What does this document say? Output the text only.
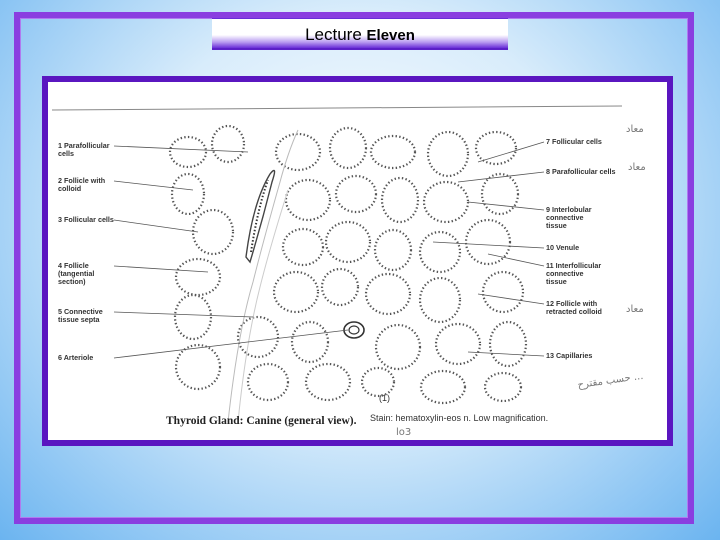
Lecture Eleven
1 Parafollicular
cells
2 Follicle with
colloid
3 Follicular cells
4 Follicle
(tangential
section)
5 Connective
tissue septa
6 Arteriole
7 Follicular cells
8 Parafollicular cells
9 Interlobular
connective
tissue
10 Venule
11 Interfollicular
connective
tissue
12 Follicle with
retracted colloid
13 Capillaries
Thyroid Gland: Canine (general view). Stain: hematoxylin-eos n. Low magnification.
(1)
lo3
معاد
معاد
معاد
حسب مقترح ...
